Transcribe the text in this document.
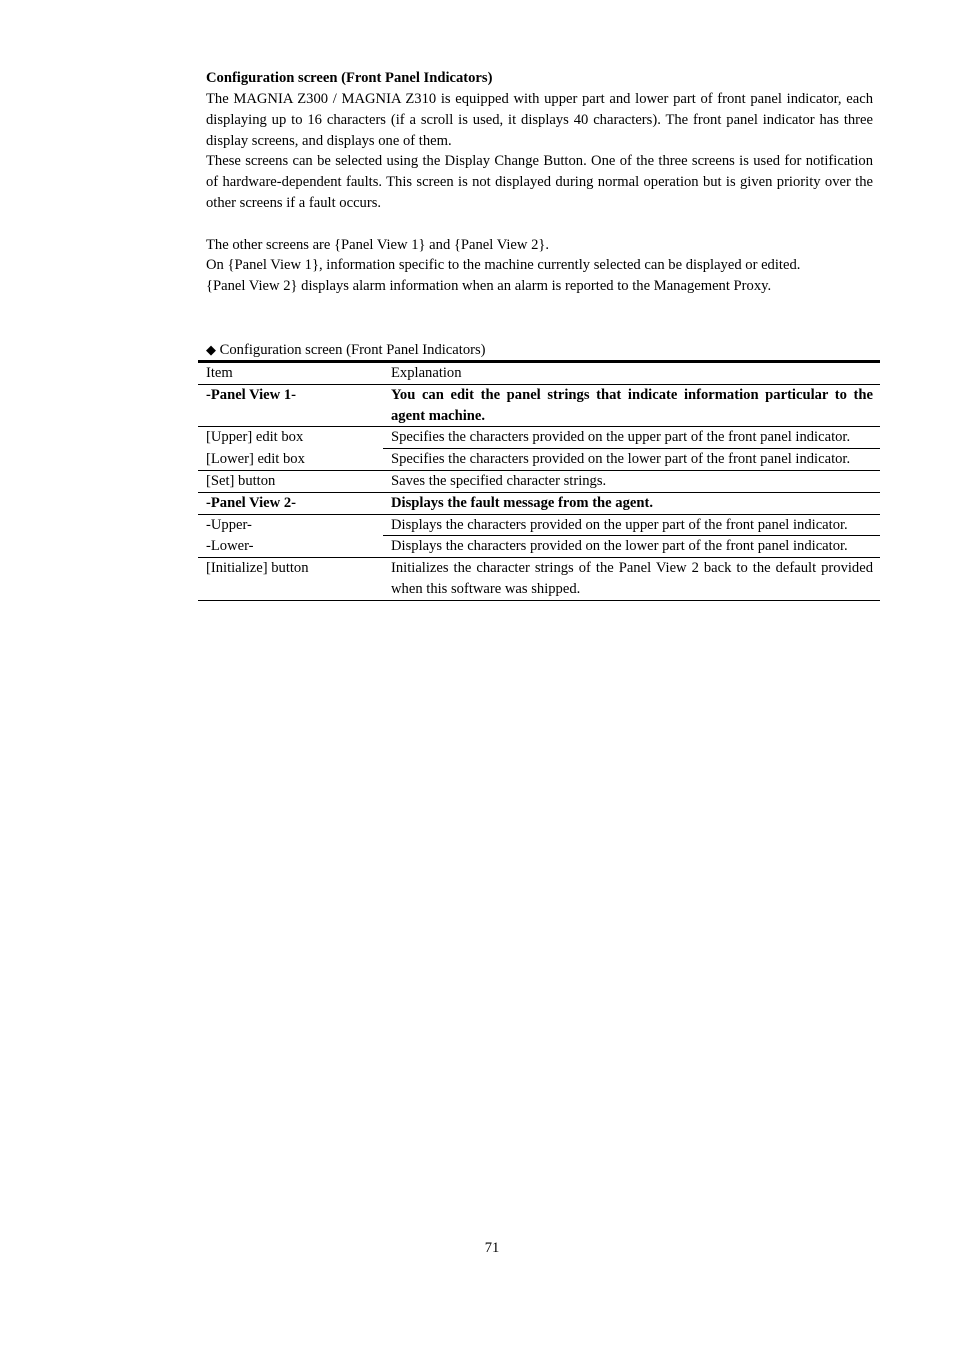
Configuration screen (Front Panel Indicators)

The MAGNIA Z300 / MAGNIA Z310 is equipped with upper part and lower part of front panel indicator, each displaying up to 16 characters (if a scroll is used, it displays 40 characters). The front panel indicator has three display screens, and displays one of them.

These screens can be selected using the Display Change Button. One of the three screens is used for notification of hardware-dependent faults. This screen is not displayed during normal operation but is given priority over the other screens if a fault occurs.

The other screens are {Panel View 1} and {Panel View 2}.

On {Panel View 1}, information specific to the machine currently selected can be displayed or edited.

{Panel View 2} displays alarm information when an alarm is reported to the Management Proxy.

◆ Configuration screen (Front Panel Indicators)
Item	Explanation
-Panel View 1-	You can edit the panel strings that indicate information particular to the agent machine.
[Upper] edit box	Specifies the characters provided on the upper part of the front panel indicator.
[Lower] edit box	Specifies the characters provided on the lower part of the front panel indicator.
[Set] button	Saves the specified character strings.
-Panel View 2-	Displays the fault message from the agent.
-Upper-	Displays the characters provided on the upper part of the front panel indicator.
-Lower-	Displays the characters provided on the lower part of the front panel indicator.
[Initialize] button	Initializes the character strings of the Panel View 2 back to the default provided when this software was shipped.
71
